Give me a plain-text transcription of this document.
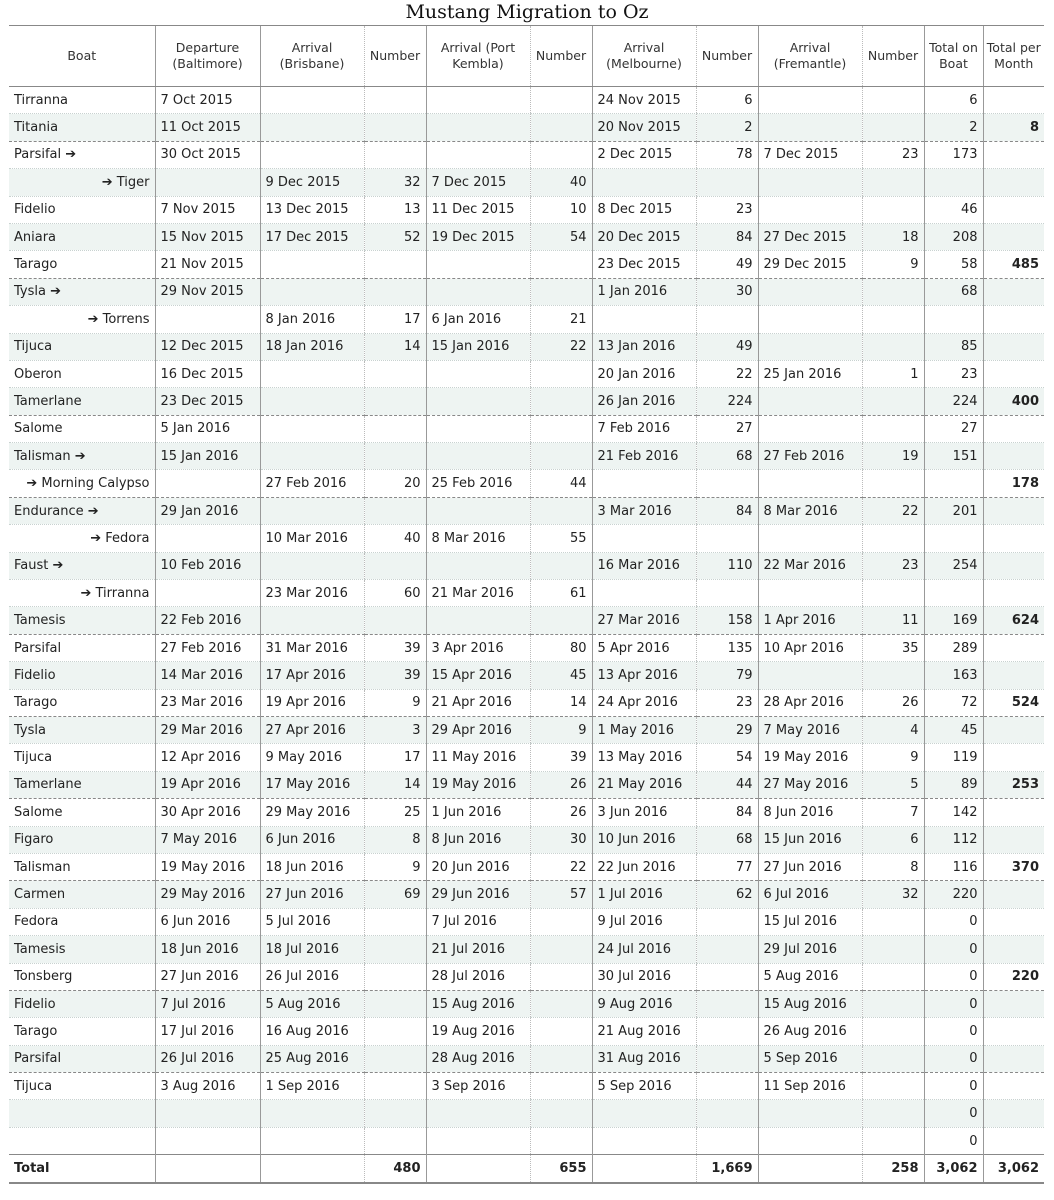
Mustang Migration to Oz
Boat	Departure (Baltimore)	Arrival (Brisbane)	Number	Arrival (Port Kembla)	Number	Arrival (Melbourne)	Number	Arrival (Fremantle)	Number	Total on Boat	Total per Month
Tirranna	7 Oct 2015					24 Nov 2015	6			6	
Titania	11 Oct 2015					20 Nov 2015	2			2	8
Parsifal ➔	30 Oct 2015					2 Dec 2015	78	7 Dec 2015	23	173	
➔ Tiger		9 Dec 2015	32	7 Dec 2015	40						
Fidelio	7 Nov 2015	13 Dec 2015	13	11 Dec 2015	10	8 Dec 2015	23			46	
Aniara	15 Nov 2015	17 Dec 2015	52	19 Dec 2015	54	20 Dec 2015	84	27 Dec 2015	18	208	
Tarago	21 Nov 2015					23 Dec 2015	49	29 Dec 2015	9	58	485
Tysla ➔	29 Nov 2015					1 Jan 2016	30			68	
➔ Torrens		8 Jan 2016	17	6 Jan 2016	21						
Tijuca	12 Dec 2015	18 Jan 2016	14	15 Jan 2016	22	13 Jan 2016	49			85	
Oberon	16 Dec 2015					20 Jan 2016	22	25 Jan 2016	1	23	
Tamerlane	23 Dec 2015					26 Jan 2016	224			224	400
Salome	5 Jan 2016					7 Feb 2016	27			27	
Talisman ➔	15 Jan 2016					21 Feb 2016	68	27 Feb 2016	19	151	
➔ Morning Calypso		27 Feb 2016	20	25 Feb 2016	44						178
Endurance ➔	29 Jan 2016					3 Mar 2016	84	8 Mar 2016	22	201	
➔ Fedora		10 Mar 2016	40	8 Mar 2016	55						
Faust ➔	10 Feb 2016					16 Mar 2016	110	22 Mar 2016	23	254	
➔ Tirranna		23 Mar 2016	60	21 Mar 2016	61						
Tamesis	22 Feb 2016					27 Mar 2016	158	1 Apr 2016	11	169	624
Parsifal	27 Feb 2016	31 Mar 2016	39	3 Apr 2016	80	5 Apr 2016	135	10 Apr 2016	35	289	
Fidelio	14 Mar 2016	17 Apr 2016	39	15 Apr 2016	45	13 Apr 2016	79			163	
Tarago	23 Mar 2016	19 Apr 2016	9	21 Apr 2016	14	24 Apr 2016	23	28 Apr 2016	26	72	524
Tysla	29 Mar 2016	27 Apr 2016	3	29 Apr 2016	9	1 May 2016	29	7 May 2016	4	45	
Tijuca	12 Apr 2016	9 May 2016	17	11 May 2016	39	13 May 2016	54	19 May 2016	9	119	
Tamerlane	19 Apr 2016	17 May 2016	14	19 May 2016	26	21 May 2016	44	27 May 2016	5	89	253
Salome	30 Apr 2016	29 May 2016	25	1 Jun 2016	26	3 Jun 2016	84	8 Jun 2016	7	142	
Figaro	7 May 2016	6 Jun 2016	8	8 Jun 2016	30	10 Jun 2016	68	15 Jun 2016	6	112	
Talisman	19 May 2016	18 Jun 2016	9	20 Jun 2016	22	22 Jun 2016	77	27 Jun 2016	8	116	370
Carmen	29 May 2016	27 Jun 2016	69	29 Jun 2016	57	1 Jul 2016	62	6 Jul 2016	32	220	
Fedora	6 Jun 2016	5 Jul 2016		7 Jul 2016		9 Jul 2016		15 Jul 2016		0	
Tamesis	18 Jun 2016	18 Jul 2016		21 Jul 2016		24 Jul 2016		29 Jul 2016		0	
Tonsberg	27 Jun 2016	26 Jul 2016		28 Jul 2016		30 Jul 2016		5 Aug 2016		0	220
Fidelio	7 Jul 2016	5 Aug 2016		15 Aug 2016		9 Aug 2016		15 Aug 2016		0	
Tarago	17 Jul 2016	16 Aug 2016		19 Aug 2016		21 Aug 2016		26 Aug 2016		0	
Parsifal	26 Jul 2016	25 Aug 2016		28 Aug 2016		31 Aug 2016		5 Sep 2016		0	
Tijuca	3 Aug 2016	1 Sep 2016		3 Sep 2016		5 Sep 2016		11 Sep 2016		0	
										0	
										0	
Total			480		655		1,669		258	3,062	3,062
